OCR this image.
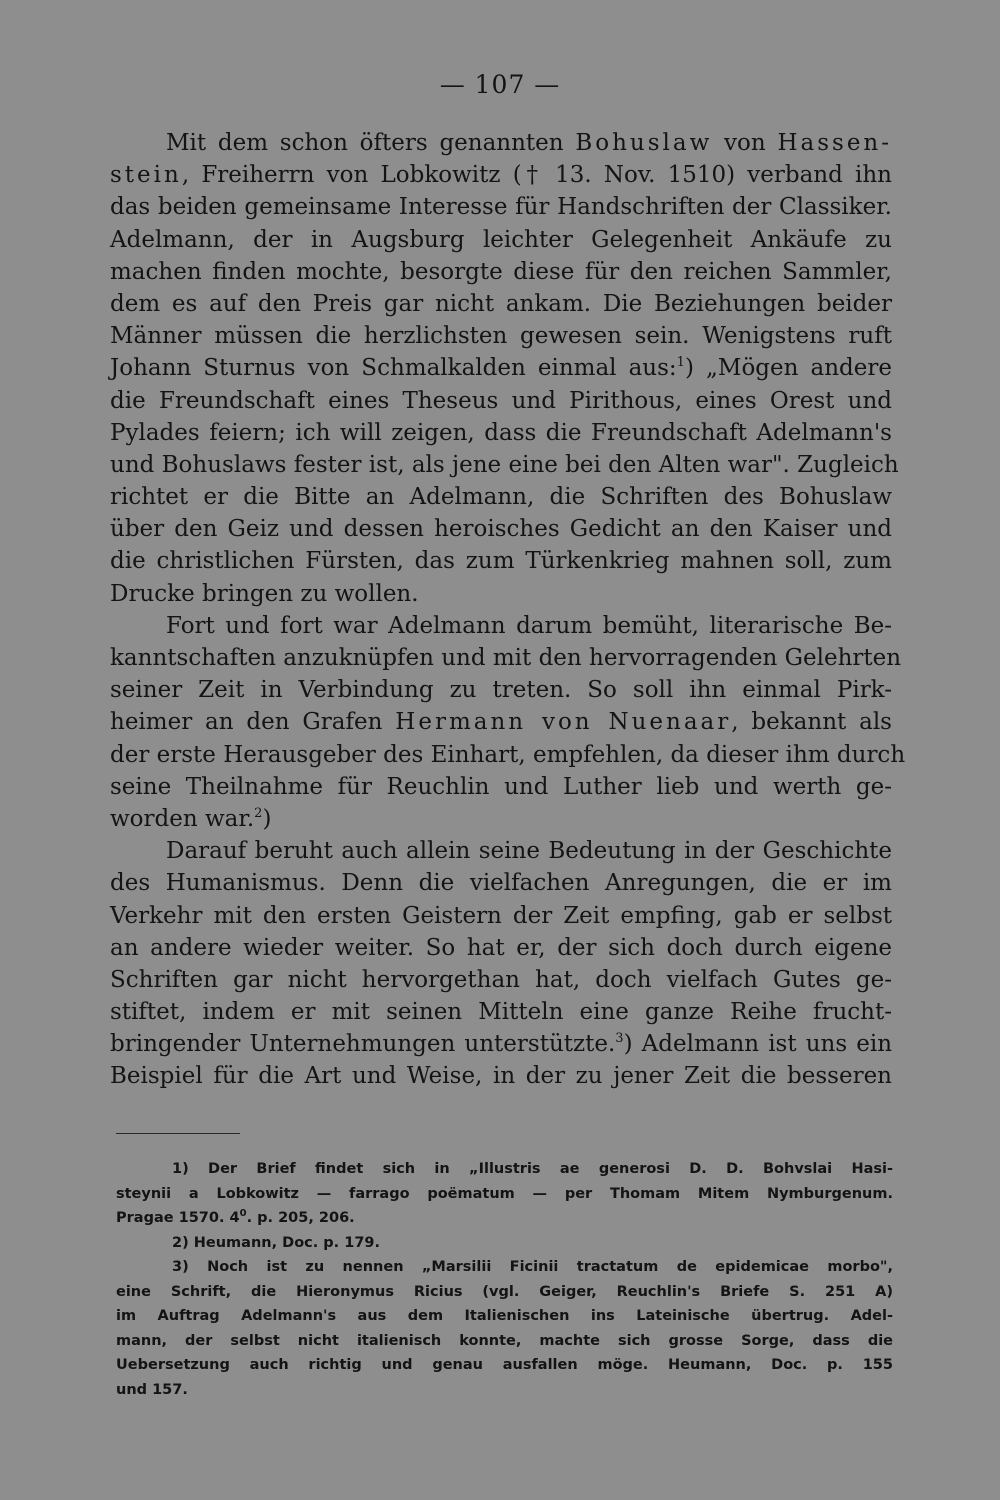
— 107 —
Mit dem schon öfters genannten Bohuslaw von Hassen-
stein, Freiherrn von Lobkowitz († 13. Nov. 1510) verband ihn
das beiden gemeinsame Interesse für Handschriften der Classiker.
Adelmann, der in Augsburg leichter Gelegenheit Ankäufe zu
machen finden mochte, besorgte diese für den reichen Sammler,
dem es auf den Preis gar nicht ankam. Die Beziehungen beider
Männer müssen die herzlichsten gewesen sein. Wenigstens ruft
Johann Sturnus von Schmalkalden einmal aus:$^1$) „Mögen andere
die Freundschaft eines Theseus und Pirithous, eines Orest und
Pylades feiern; ich will zeigen, dass die Freundschaft Adelmann's
und Bohuslaws fester ist, als jene eine bei den Alten war". Zugleich
richtet er die Bitte an Adelmann, die Schriften des Bohuslaw
über den Geiz und dessen heroisches Gedicht an den Kaiser und
die christlichen Fürsten, das zum Türkenkrieg mahnen soll, zum
Drucke bringen zu wollen.
Fort und fort war Adelmann darum bemüht, literarische Be-
kanntschaften anzuknüpfen und mit den hervorragenden Gelehrten
seiner Zeit in Verbindung zu treten. So soll ihn einmal Pirk-
heimer an den Grafen Hermann von Nuenaar, bekannt als
der erste Herausgeber des Einhart, empfehlen, da dieser ihm durch
seine Theilnahme für Reuchlin und Luther lieb und werth ge-
worden war.$^2$)
Darauf beruht auch allein seine Bedeutung in der Geschichte
des Humanismus. Denn die vielfachen Anregungen, die er im
Verkehr mit den ersten Geistern der Zeit empfing, gab er selbst
an andere wieder weiter. So hat er, der sich doch durch eigene
Schriften gar nicht hervorgethan hat, doch vielfach Gutes ge-
stiftet, indem er mit seinen Mitteln eine ganze Reihe frucht-
bringender Unternehmungen unterstützte.$^3$) Adelmann ist uns ein
Beispiel für die Art und Weise, in der zu jener Zeit die besseren
1) Der Brief findet sich in „Illustris ae generosi D. D. Bohvslai Hasi-
steynii a Lobkowitz — farrago poëmatum — per Thomam Mitem Nymburgenum.
Pragae 1570. $4^0$. p. 205, 206.
2) Heumann, Doc. p. 179.
3) Noch ist zu nennen „Marsilii Ficinii tractatum de epidemicae morbo",
eine Schrift, die Hieronymus Ricius (vgl. Geiger, Reuchlin's Briefe S. 251 A)
im Auftrag Adelmann's aus dem Italienischen ins Lateinische übertrug. Adel-
mann, der selbst nicht italienisch konnte, machte sich grosse Sorge, dass die
Uebersetzung auch richtig und genau ausfallen möge. Heumann, Doc. p. 155
und 157.
